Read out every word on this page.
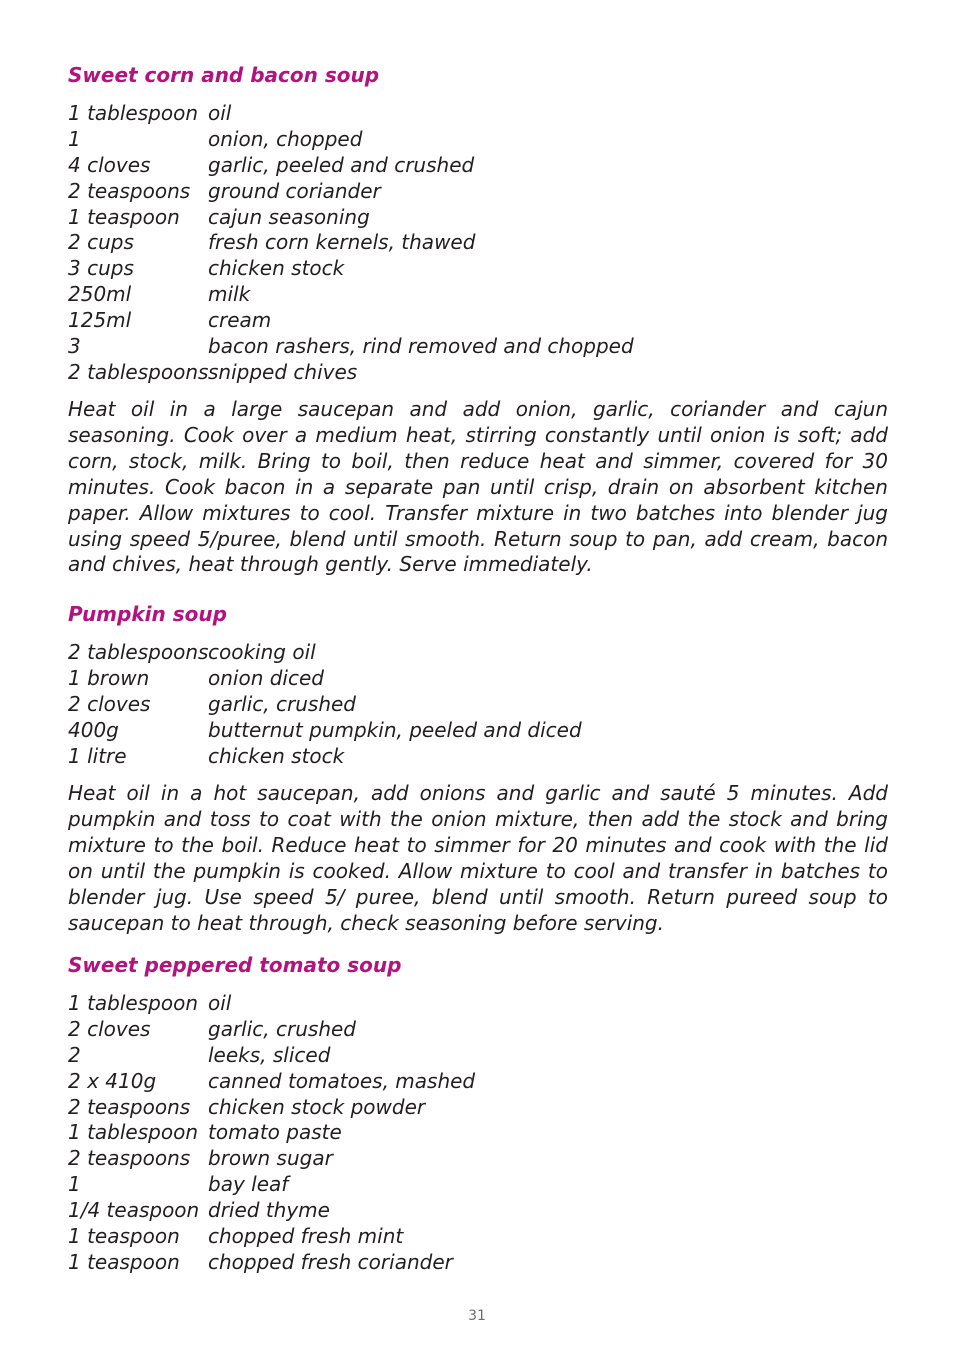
Sweet corn and bacon soup
1 tablespoon oil
1	onion, chopped
4 cloves	garlic, peeled and crushed
2 teaspoons ground coriander
1 teaspoon	cajun seasoning
2 cups	fresh corn kernels, thawed
3 cups	chicken stock
250ml	milk
125ml	cream
3	bacon rashers, rind removed and chopped
2 tablespoons snipped chives

Heat oil in a large saucepan and add onion, garlic, coriander and cajun seasoning. Cook over a medium heat, stirring constantly until onion is soft; add corn, stock, milk. Bring to boil, then reduce heat and simmer, covered for 30 minutes. Cook bacon in a separate pan until crisp, drain on absorbent kitchen paper. Allow mixtures to cool. Transfer mixture in two batches into blender jug using speed 5/puree, blend until smooth. Return soup to pan, add cream, bacon and chives, heat through gently. Serve immediately.

Pumpkin soup
2 tablespoons cooking oil
1 brown	onion diced
2 cloves	garlic, crushed
400g	butternut pumpkin, peeled and diced
1 litre	chicken stock

Heat oil in a hot saucepan, add onions and garlic and sauté 5 minutes. Add pumpkin and toss to coat with the onion mixture, then add the stock and bring mixture to the boil. Reduce heat to simmer for 20 minutes and cook with the lid on until the pumpkin is cooked. Allow mixture to cool and transfer in batches to blender jug. Use speed 5/ puree, blend until smooth. Return pureed soup to saucepan to heat through, check seasoning before serving.

Sweet peppered tomato soup
1 tablespoon oil
2 cloves	garlic, crushed
2	leeks, sliced
2 x 410g	canned tomatoes, mashed
2 teaspoons chicken stock powder
1 tablespoon tomato paste
2 teaspoons brown sugar
1	bay leaf
1/4 teaspoon dried thyme
1 teaspoon	chopped fresh mint
1 teaspoon	chopped fresh coriander
31
